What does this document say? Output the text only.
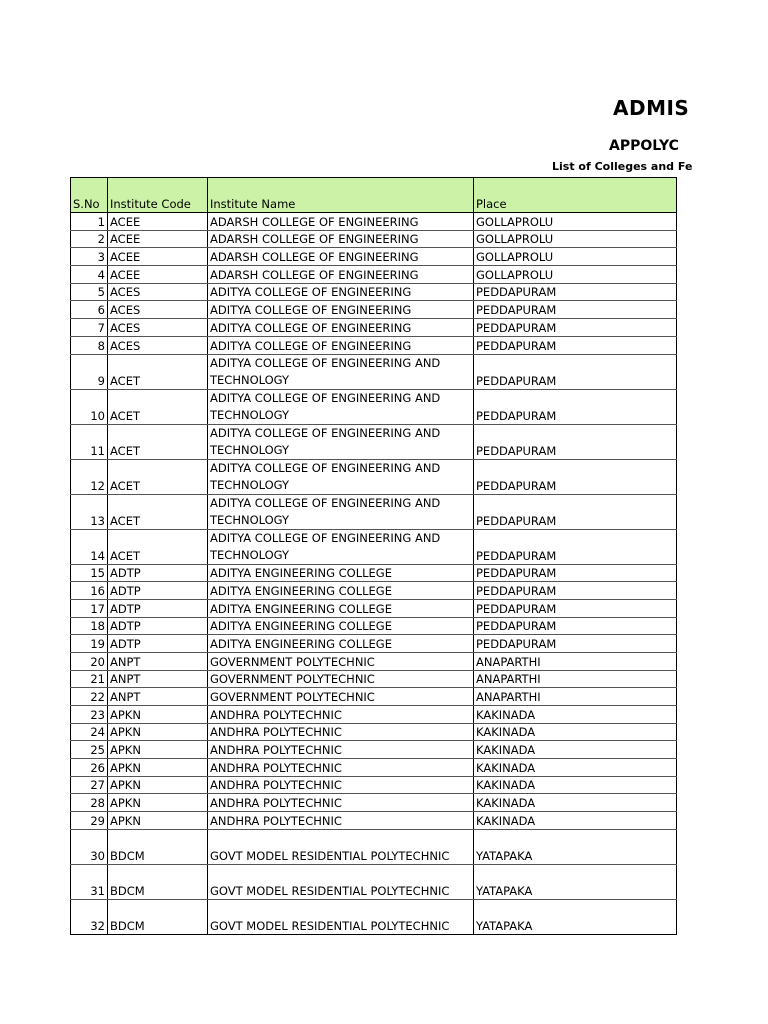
ADMIS
APPOLYC
List of Colleges and Fe
S.No	Institute Code	Institute Name	Place
1	ACEE	ADARSH COLLEGE OF ENGINEERING	GOLLAPROLU
2	ACEE	ADARSH COLLEGE OF ENGINEERING	GOLLAPROLU
3	ACEE	ADARSH COLLEGE OF ENGINEERING	GOLLAPROLU
4	ACEE	ADARSH COLLEGE OF ENGINEERING	GOLLAPROLU
5	ACES	ADITYA COLLEGE OF ENGINEERING	PEDDAPURAM
6	ACES	ADITYA COLLEGE OF ENGINEERING	PEDDAPURAM
7	ACES	ADITYA COLLEGE OF ENGINEERING	PEDDAPURAM
8	ACES	ADITYA COLLEGE OF ENGINEERING	PEDDAPURAM
9	ACET	ADITYA COLLEGE OF ENGINEERING AND TECHNOLOGY	PEDDAPURAM
10	ACET	ADITYA COLLEGE OF ENGINEERING AND TECHNOLOGY	PEDDAPURAM
11	ACET	ADITYA COLLEGE OF ENGINEERING AND TECHNOLOGY	PEDDAPURAM
12	ACET	ADITYA COLLEGE OF ENGINEERING AND TECHNOLOGY	PEDDAPURAM
13	ACET	ADITYA COLLEGE OF ENGINEERING AND TECHNOLOGY	PEDDAPURAM
14	ACET	ADITYA COLLEGE OF ENGINEERING AND TECHNOLOGY	PEDDAPURAM
15	ADTP	ADITYA ENGINEERING COLLEGE	PEDDAPURAM
16	ADTP	ADITYA ENGINEERING COLLEGE	PEDDAPURAM
17	ADTP	ADITYA ENGINEERING COLLEGE	PEDDAPURAM
18	ADTP	ADITYA ENGINEERING COLLEGE	PEDDAPURAM
19	ADTP	ADITYA ENGINEERING COLLEGE	PEDDAPURAM
20	ANPT	GOVERNMENT POLYTECHNIC	ANAPARTHI
21	ANPT	GOVERNMENT POLYTECHNIC	ANAPARTHI
22	ANPT	GOVERNMENT POLYTECHNIC	ANAPARTHI
23	APKN	ANDHRA POLYTECHNIC	KAKINADA
24	APKN	ANDHRA POLYTECHNIC	KAKINADA
25	APKN	ANDHRA POLYTECHNIC	KAKINADA
26	APKN	ANDHRA POLYTECHNIC	KAKINADA
27	APKN	ANDHRA POLYTECHNIC	KAKINADA
28	APKN	ANDHRA POLYTECHNIC	KAKINADA
29	APKN	ANDHRA POLYTECHNIC	KAKINADA
30	BDCM	GOVT MODEL RESIDENTIAL POLYTECHNIC	YATAPAKA
31	BDCM	GOVT MODEL RESIDENTIAL POLYTECHNIC	YATAPAKA
32	BDCM	GOVT MODEL RESIDENTIAL POLYTECHNIC	YATAPAKA
